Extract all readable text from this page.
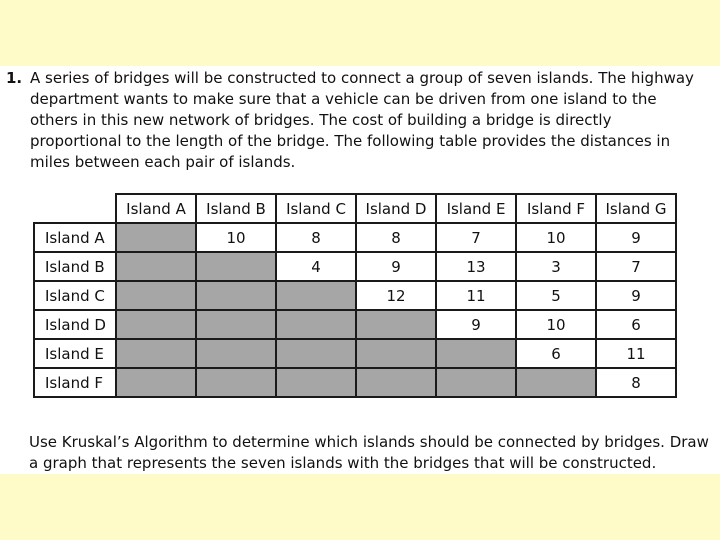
1. A series of bridges will be constructed to connect a group of seven islands. The highway department wants to make sure that a vehicle can be driven from one island to the others in this new network of bridges. The cost of building a bridge is directly proportional to the length of the bridge. The following table provides the distances in miles between each pair of islands.
	Island A	Island B	Island C	Island D	Island E	Island F	Island G
Island A		10	8	8	7	10	9
Island B			4	9	13	3	7
Island C				12	11	5	9
Island D					9	10	6
Island E						6	11
Island F							8
Use Kruskal’s Algorithm to determine which islands should be connected by bridges. Draw a graph that represents the seven islands with the bridges that will be constructed.
